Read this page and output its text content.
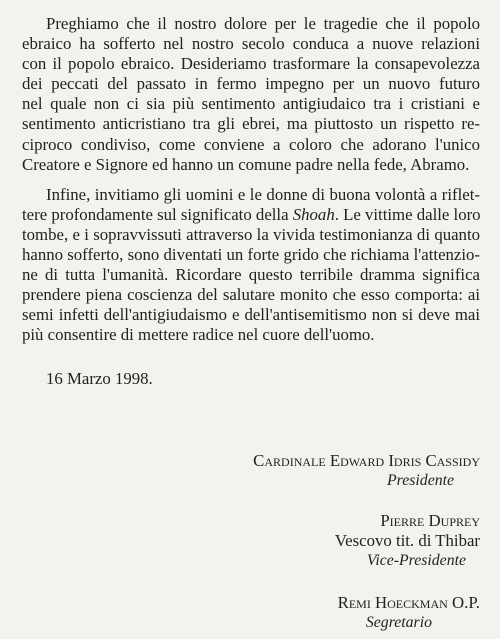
Preghiamo che il nostro dolore per le tragedie che il popolo
ebraico ha sofferto nel nostro secolo conduca a nuove relazioni
con il popolo ebraico. Desideriamo trasformare la consapevolezza
dei peccati del passato in fermo impegno per un nuovo futuro
nel quale non ci sia più sentimento antigiudaico tra i cristiani e
sentimento anticristiano tra gli ebrei, ma piuttosto un rispetto re-
ciproco condiviso, come conviene a coloro che adorano l'unico
Creatore e Signore ed hanno un comune padre nella fede, Abramo.

Infine, invitiamo gli uomini e le donne di buona volontà a riflet-
tere profondamente sul significato della Shoah. Le vittime dalle loro
tombe, e i sopravvissuti attraverso la vivida testimonianza di quanto
hanno sofferto, sono diventati un forte grido che richiama l'attenzio-
ne di tutta l'umanità. Ricordare questo terribile dramma significa
prendere piena coscienza del salutare monito che esso comporta: ai
semi infetti dell'antigiudaismo e dell'antisemitismo non si deve mai
più consentire di mettere radice nel cuore dell'uomo.

16 Marzo 1998.
Cardinale Edward Idris Cassidy
Presidente
Pierre Duprey
Vescovo tit. di Thibar
Vice-Presidente
Remi Hoeckman O.P.
Segretario
